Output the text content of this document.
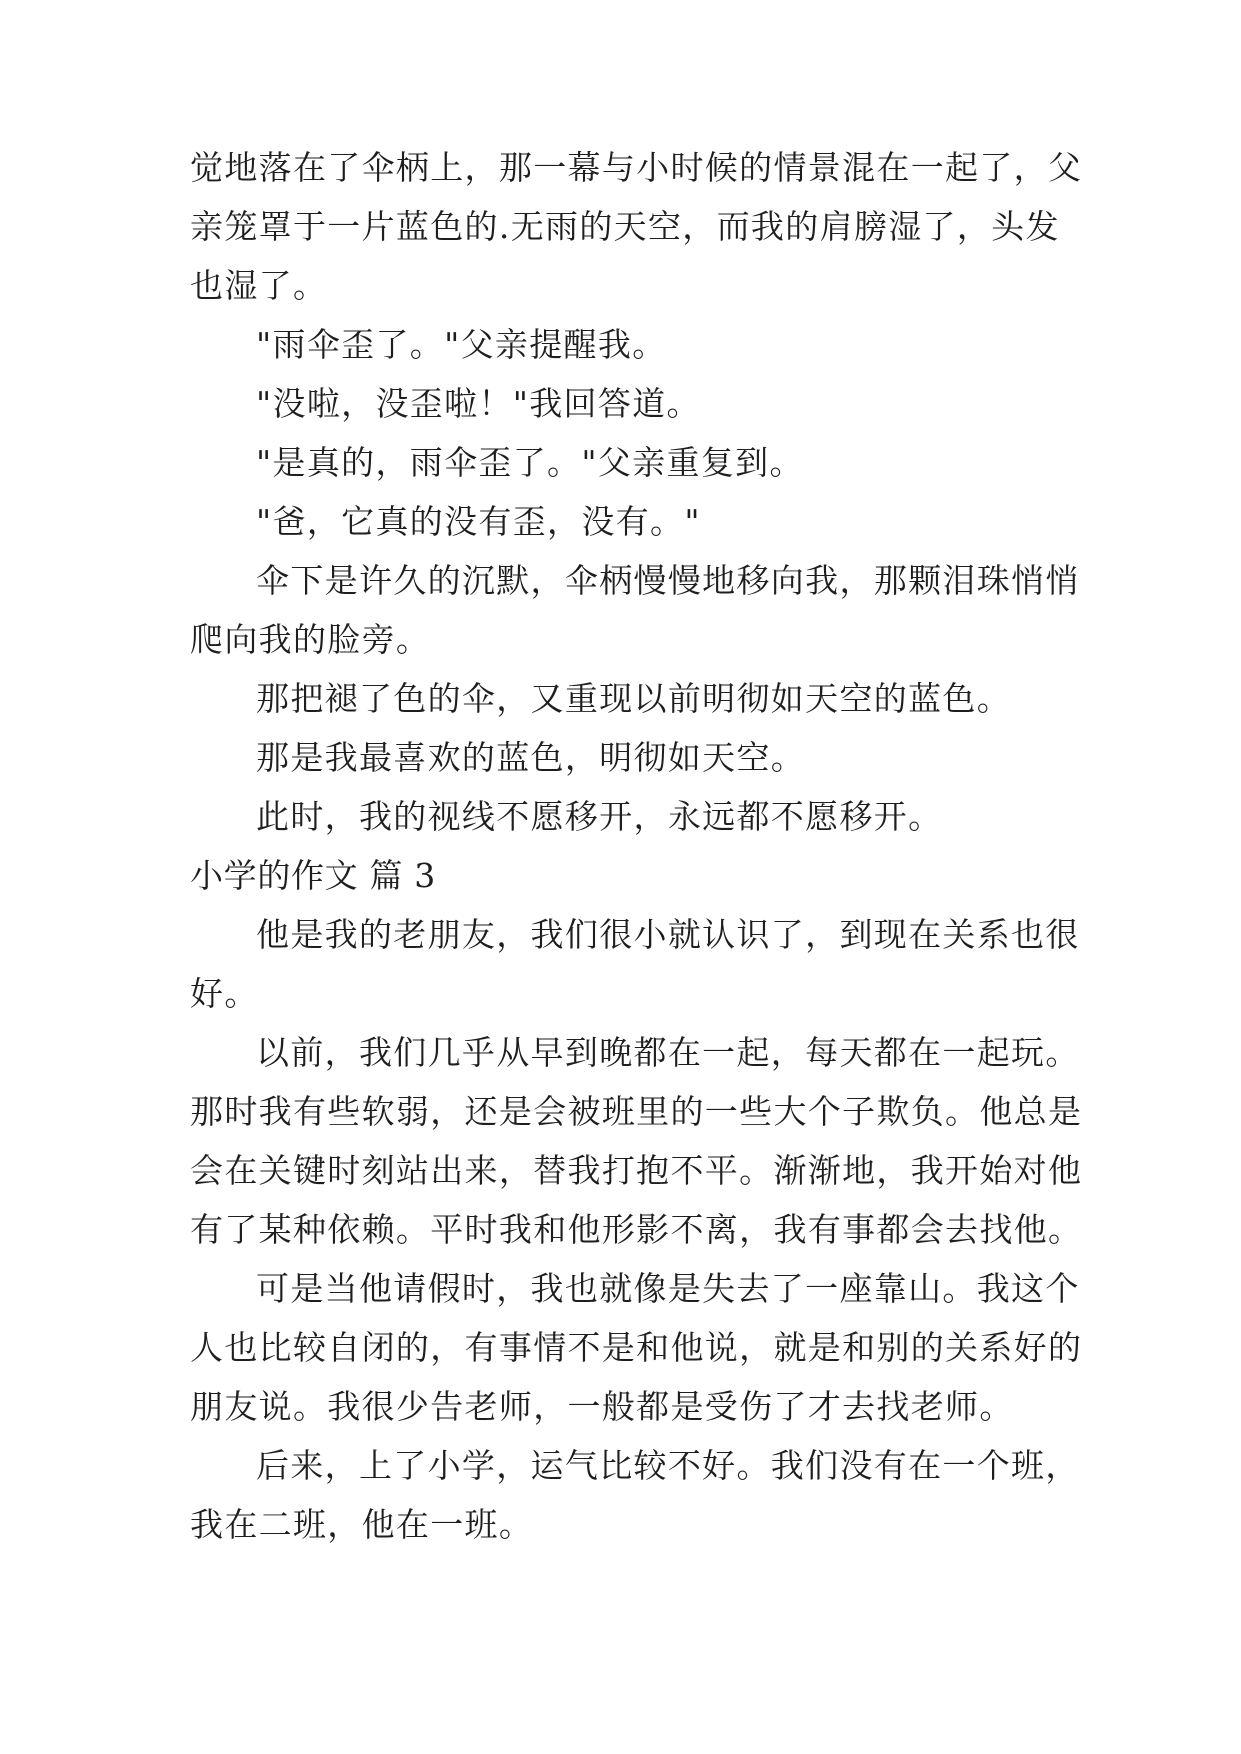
觉地落在了伞柄上，那一幕与小时候的情景混在一起了，父
亲笼罩于一片蓝色的.无雨的天空，而我的肩膀湿了，头发
也湿了。
"雨伞歪了。"父亲提醒我。
"没啦，没歪啦！"我回答道。
"是真的，雨伞歪了。"父亲重复到。
"爸，它真的没有歪，没有。"
伞下是许久的沉默，伞柄慢慢地移向我，那颗泪珠悄悄
爬向我的脸旁。
那把褪了色的伞，又重现以前明彻如天空的蓝色。
那是我最喜欢的蓝色，明彻如天空。
此时，我的视线不愿移开，永远都不愿移开。
小学的作文 篇 3
他是我的老朋友，我们很小就认识了，到现在关系也很
好。
以前，我们几乎从早到晚都在一起，每天都在一起玩。
那时我有些软弱，还是会被班里的一些大个子欺负。他总是
会在关键时刻站出来，替我打抱不平。渐渐地，我开始对他
有了某种依赖。平时我和他形影不离，我有事都会去找他。
可是当他请假时，我也就像是失去了一座靠山。我这个
人也比较自闭的，有事情不是和他说，就是和别的关系好的
朋友说。我很少告老师，一般都是受伤了才去找老师。
后来，上了小学，运气比较不好。我们没有在一个班，
我在二班，他在一班。
